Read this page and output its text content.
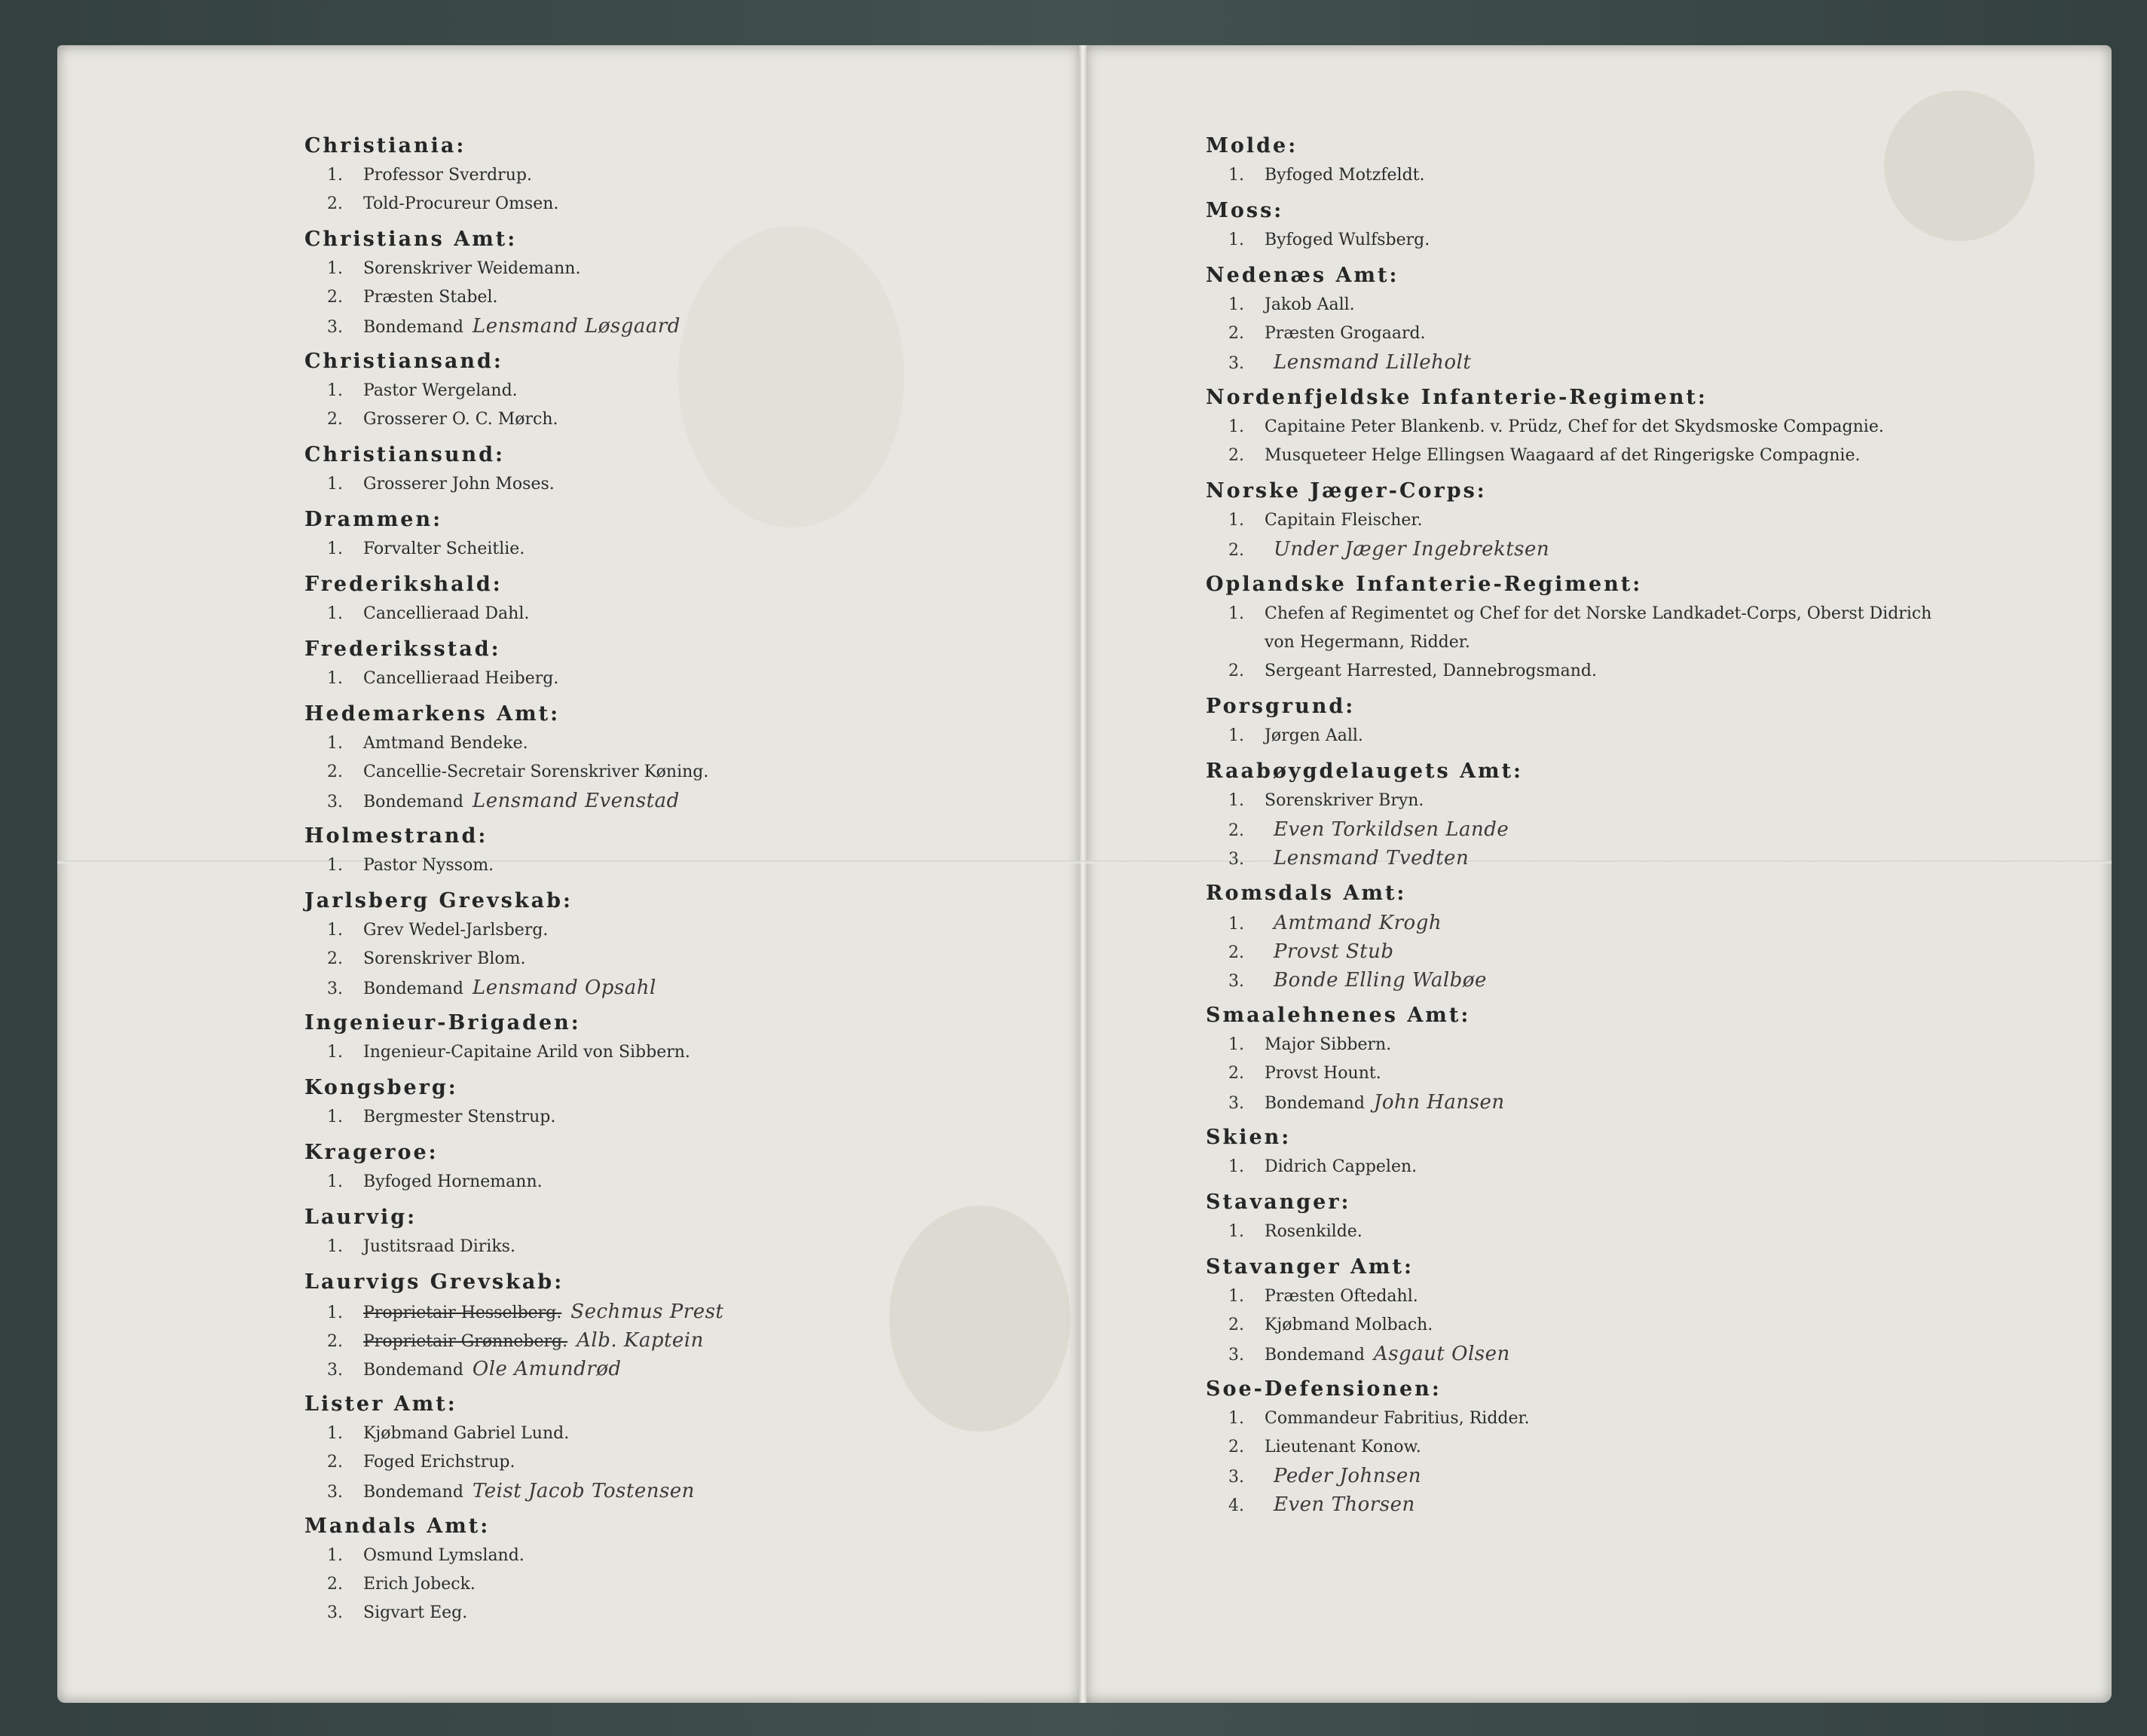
Christiania:
1.	Professor Sverdrup.
2.	Told-Procureur Omsen.
Christians Amt:
1.	Sorenskriver Weidemann.
2.	Præsten Stabel.
3.	Bondemand Lensmand Løsgaard
Christiansand:
1.	Pastor Wergeland.
2.	Grosserer O. C. Mørch.
Christiansund:
1.	Grosserer John Moses.
Drammen:
1.	Forvalter Scheitlie.
Frederikshald:
1.	Cancellieraad Dahl.
Frederiksstad:
1.	Cancellieraad Heiberg.
Hedemarkens Amt:
1.	Amtmand Bendeke.
2.	Cancellie-Secretair Sorenskriver Køning.
3.	Bondemand Lensmand Evenstad
Holmestrand:
1.	Pastor Nyssom.
Jarlsberg Grevskab:
1.	Grev Wedel-Jarlsberg.
2.	Sorenskriver Blom.
3.	Bondemand Lensmand Opsahl
Ingenieur-Brigaden:
1.	Ingenieur-Capitaine Arild von Sibbern.
Kongsberg:
1.	Bergmester Stenstrup.
Krageroe:
1.	Byfoged Hornemann.
Laurvig:
1.	Justitsraad Diriks.
Laurvigs Grevskab:
1.	Proprietair Hesselberg. Sechmus Prest
2.	Proprietair Grønneberg. Alb. Kaptein
3.	Bondemand Ole Amundrød
Lister Amt:
1.	Kjøbmand Gabriel Lund.
2.	Foged Erichstrup.
3.	Bondemand Teist Jacob Tostensen
Mandals Amt:
1.	Osmund Lymsland.
2.	Erich Jobeck.
3.	Sigvart Eeg.
Molde:
1.	Byfoged Motzfeldt.
Moss:
1.	Byfoged Wulfsberg.
Nedenæs Amt:
1.	Jakob Aall.
2.	Præsten Grogaard.
3.	Lensmand Lilleholt
Nordenfjeldske Infanterie-Regiment:
1.	Capitaine Peter Blankenb. v. Prüdz, Chef for det Skydsmoske Compagnie.
2.	Musqueteer Helge Ellingsen Waagaard af det Ringerigske Compagnie.
Norske Jæger-Corps:
1.	Capitain Fleischer.
2.	Under Jæger Ingebrektsen
Oplandske Infanterie-Regiment:
1.	Chefen af Regimentet og Chef for det Norske Landkadet-Corps, Oberst Didrich
von Hegermann, Ridder.
2.	Sergeant Harrested, Dannebrogsmand.
Porsgrund:
1.	Jørgen Aall.
Raabøygdelaugets Amt:
1.	Sorenskriver Bryn.
2.	Even Torkildsen Lande
3.	Lensmand Tvedten
Romsdals Amt:
1.	Amtmand Krogh
2.	Provst Stub
3.	Bonde Elling Walbøe
Smaalehnenes Amt:
1.	Major Sibbern.
2.	Provst Hount.
3.	Bondemand John Hansen
Skien:
1.	Didrich Cappelen.
Stavanger:
1.	Rosenkilde.
Stavanger Amt:
1.	Præsten Oftedahl.
2.	Kjøbmand Molbach.
3.	Bondemand Asgaut Olsen
Soe-Defensionen:
1.	Commandeur Fabritius, Ridder.
2.	Lieutenant Konow.
3.	Peder Johnsen
4.	Even Thorsen
